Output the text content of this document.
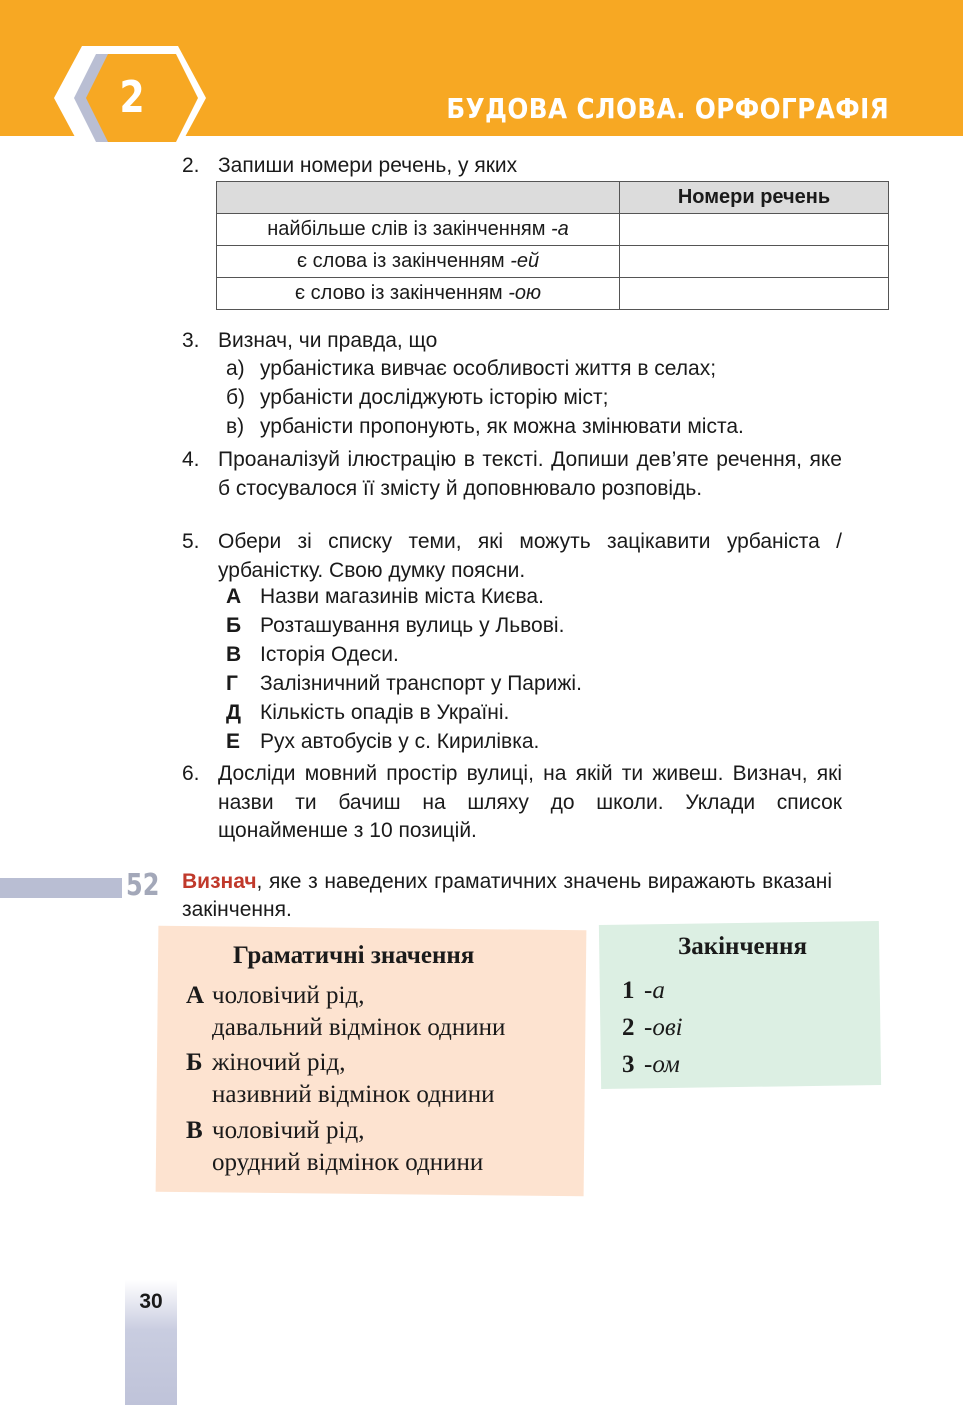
2	БУДОВА СЛОВА. ОРФОГРАФІЯ
2. Запиши номери речень, у яких
	Номери речень
найбільше слів із закінченням -а	
є слова із закінченням -ей	
є слово із закінченням -ою	
3. Визнач, чи правда, що
а) урбаністика вивчає особливості життя в селах;
б) урбаністи досліджують історію міст;
в) урбаністи пропонують, як можна змінювати міста.
4. Проаналізуй ілюстрацію в тексті. Допиши дев’яте речення, яке б стосувалося її змісту й доповнювало розповідь.
5. Обери зі списку теми, які можуть зацікавити урбаніста / урбаністку. Свою думку поясни.
А Назви магазинів міста Києва.
Б Розташування вулиць у Львові.
В Історія Одеси.
Г Залізничний транспорт у Парижі.
Д Кількість опадів в Україні.
Е Рух автобусів у с. Кирилівка.
6. Досліди мовний простір вулиці, на якій ти живеш. Визнач, які назви ти бачиш на шляху до школи. Уклади список щонайменше з 10 позицій.
52 Визнач, яке з наведених граматичних значень виражають вказані закінчення.
Граматичні значення
А чоловічий рід,
давальний відмінок однини
Б жіночий рід,
називний відмінок однини
В чоловічий рід,
орудний відмінок однини
Закінчення
1 -а
2 -ові
3 -ом
30
